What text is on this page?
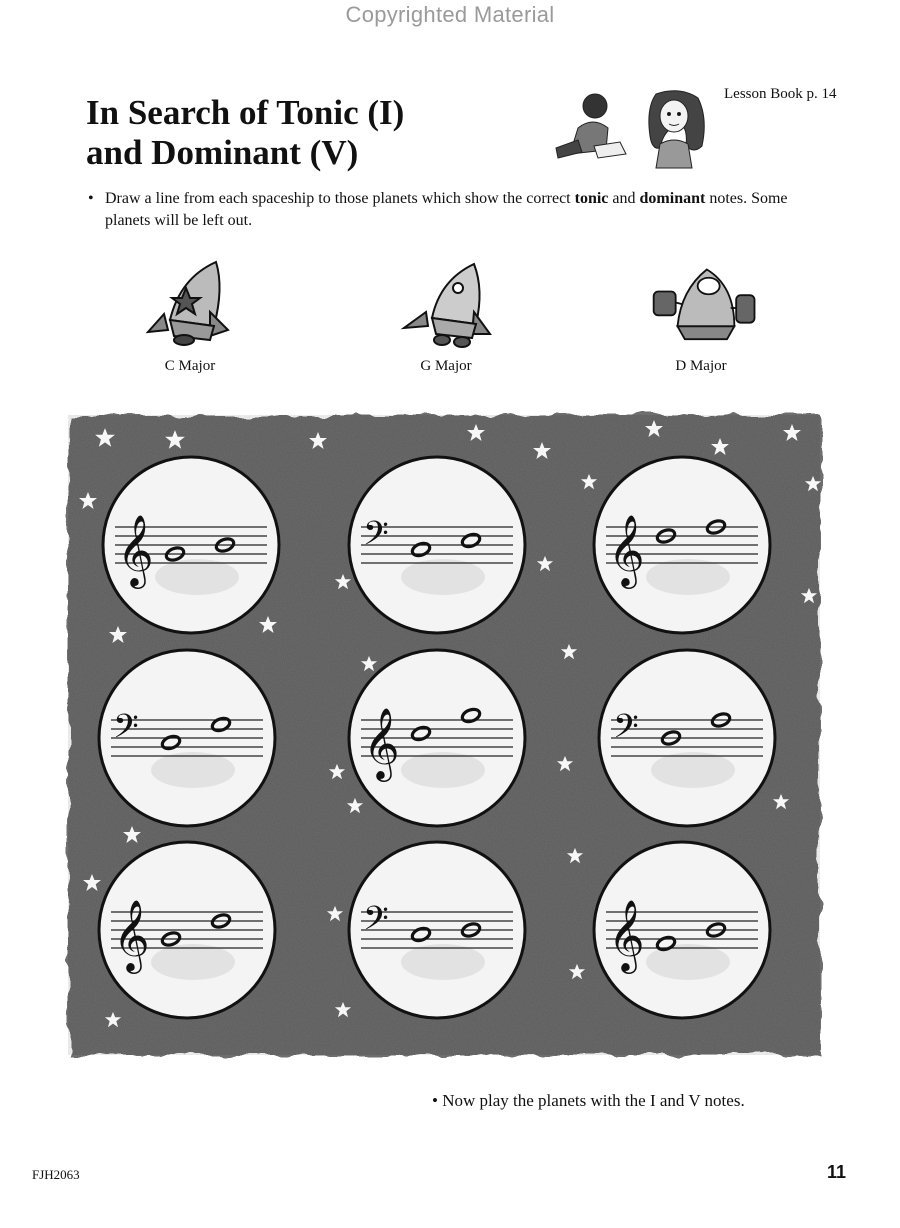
Copyrighted Material
In Search of Tonic (I)
and Dominant (V)
Lesson Book p. 14
• Draw a line from each spaceship to those planets which show the correct tonic and dominant notes. Some planets will be left out.
C Major	G Major	D Major
𝄞	𝄢	𝄞
𝄢	𝄞	𝄢
𝄞	𝄢	𝄞
• Now play the planets with the I and V notes.
FJH2063	11
